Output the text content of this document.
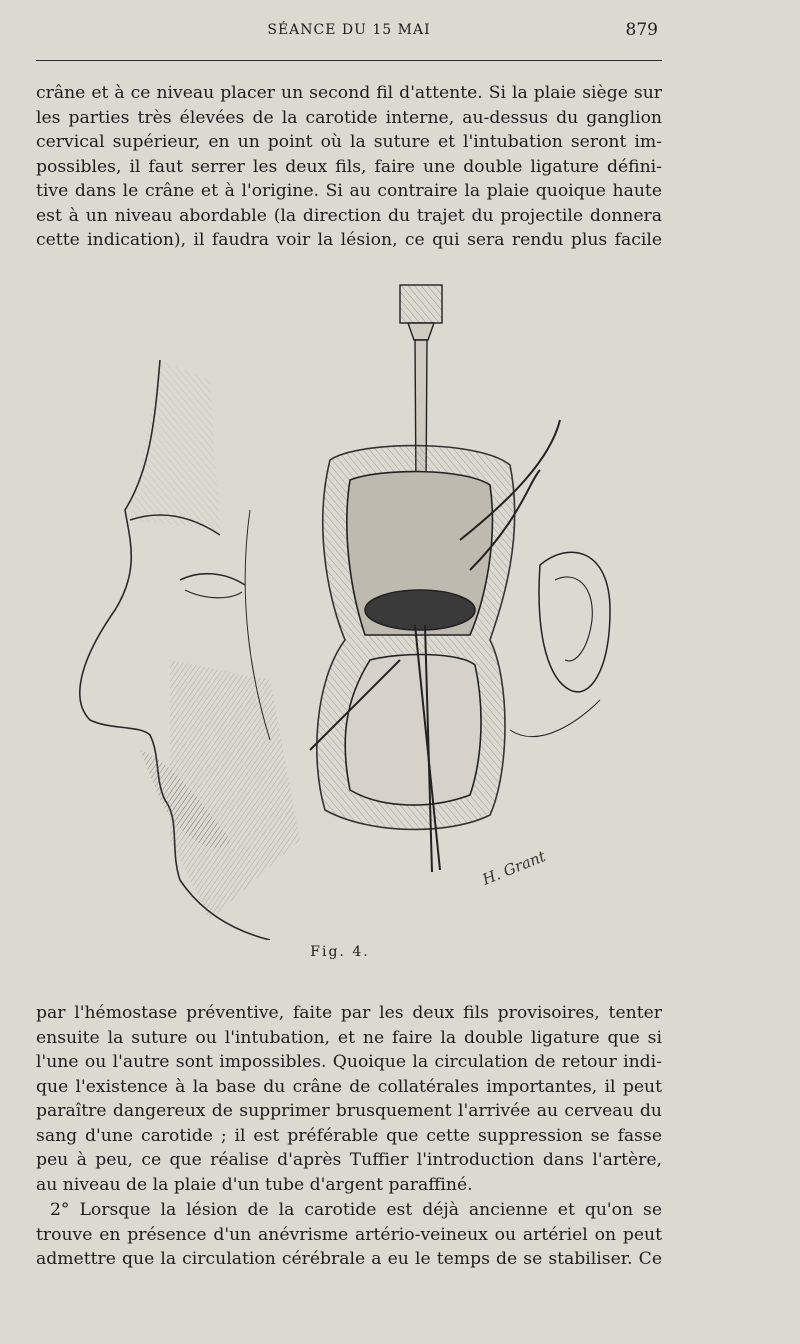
SÉANCE DU 15 MAI	879
crâne et à ce niveau placer un second fil d'attente. Si la plaie siège sur
les parties très élevées de la carotide interne, au-dessus du ganglion
cervical supérieur, en un point où la suture et l'intubation seront im-
possibles, il faut serrer les deux fils, faire une double ligature défini-
tive dans le crâne et à l'origine. Si au contraire la plaie quoique haute
est à un niveau abordable (la direction du trajet du projectile donnera
cette indication), il faudra voir la lésion, ce qui sera rendu plus facile
H. Grant
Fig. 4.
par l'hémostase préventive, faite par les deux fils provisoires, tenter
ensuite la suture ou l'intubation, et ne faire la double ligature que si
l'une ou l'autre sont impossibles. Quoique la circulation de retour indi-
que l'existence à la base du crâne de collatérales importantes, il peut
paraître dangereux de supprimer brusquement l'arrivée au cerveau du
sang d'une carotide ; il est préférable que cette suppression se fasse
peu à peu, ce que réalise d'après Tuffier l'introduction dans l'artère,
au niveau de la plaie d'un tube d'argent paraffiné.
2° Lorsque la lésion de la carotide est déjà ancienne et qu'on se
trouve en présence d'un anévrisme artério-veineux ou artériel on peut
admettre que la circulation cérébrale a eu le temps de se stabiliser. Ce
